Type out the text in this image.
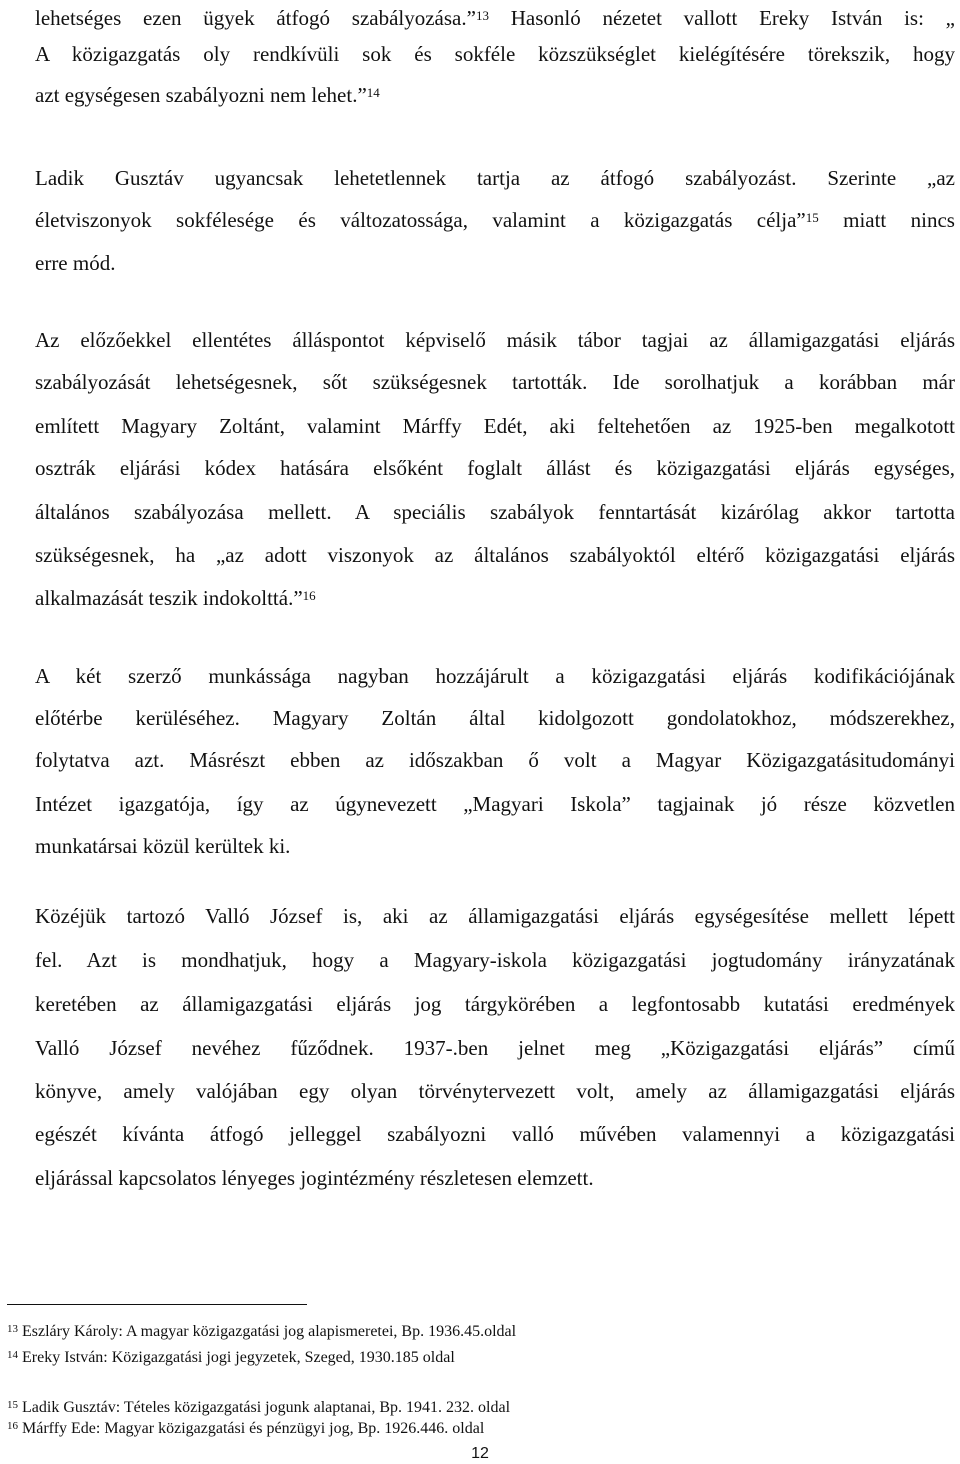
lehetséges ezen ügyek átfogó szabályozása.”$^{13}$ Hasonló nézetet vallott Ereky István is: „
A közigazgatás oly rendkívüli sok és sokféle közszükséglet kielégítésére törekszik, hogy
azt egységesen szabályozni nem lehet.”$^{14}$
Ladik Gusztáv ugyancsak lehetetlennek tartja az átfogó szabályozást. Szerinte „az
életviszonyok sokfélesége és változatossága, valamint a közigazgatás célja”$^{15}$ miatt nincs
erre mód.
Az előzőekkel ellentétes álláspontot képviselő másik tábor tagjai az államigazgatási eljárás
szabályozását lehetségesnek, sőt szükségesnek tartották. Ide sorolhatjuk a korábban már
említett Magyary Zoltánt, valamint Márffy Edét, aki feltehetően az 1925-ben megalkotott
osztrák eljárási kódex hatására elsőként foglalt állást és közigazgatási eljárás egységes,
általános szabályozása mellett. A speciális szabályok fenntartását kizárólag akkor tartotta
szükségesnek, ha „az adott viszonyok az általános szabályoktól eltérő közigazgatási eljárás
alkalmazását teszik indokolttá.”$^{16}$
A két szerző munkássága nagyban hozzájárult a közigazgatási eljárás kodifikációjának
előtérbe kerüléséhez. Magyary Zoltán által kidolgozott gondolatokhoz, módszerekhez,
folytatva azt. Másrészt ebben az időszakban ő volt a Magyar Közigazgatásitudományi
Intézet igazgatója, így az úgynevezett „Magyari Iskola” tagjainak jó része közvetlen
munkatársai közül kerültek ki.
Közéjük tartozó Valló József is, aki az államigazgatási eljárás egységesítése mellett lépett
fel. Azt is mondhatjuk, hogy a Magyary-iskola közigazgatási jogtudomány irányzatának
keretében az államigazgatási eljárás jog tárgykörében a legfontosabb kutatási eredmények
Valló József nevéhez fűződnek. 1937-.ben jelnet meg „Közigazgatási eljárás” című
könyve, amely valójában egy olyan törvénytervezett volt, amely az államigazgatási eljárás
egészét kívánta átfogó jelleggel szabályozni valló művében valamennyi a közigazgatási
eljárással kapcsolatos lényeges jogintézmény részletesen elemzett.
$^{13}$ Eszláry Károly: A magyar közigazgatási jog alapismeretei, Bp. 1936.45.oldal
$^{14}$ Ereky István: Közigazgatási jogi jegyzetek, Szeged, 1930.185 oldal
$^{15}$ Ladik Gusztáv: Tételes közigazgatási jogunk alaptanai, Bp. 1941. 232. oldal
$^{16}$ Márffy Ede: Magyar közigazgatási és pénzügyi jog, Bp. 1926.446. oldal
12
